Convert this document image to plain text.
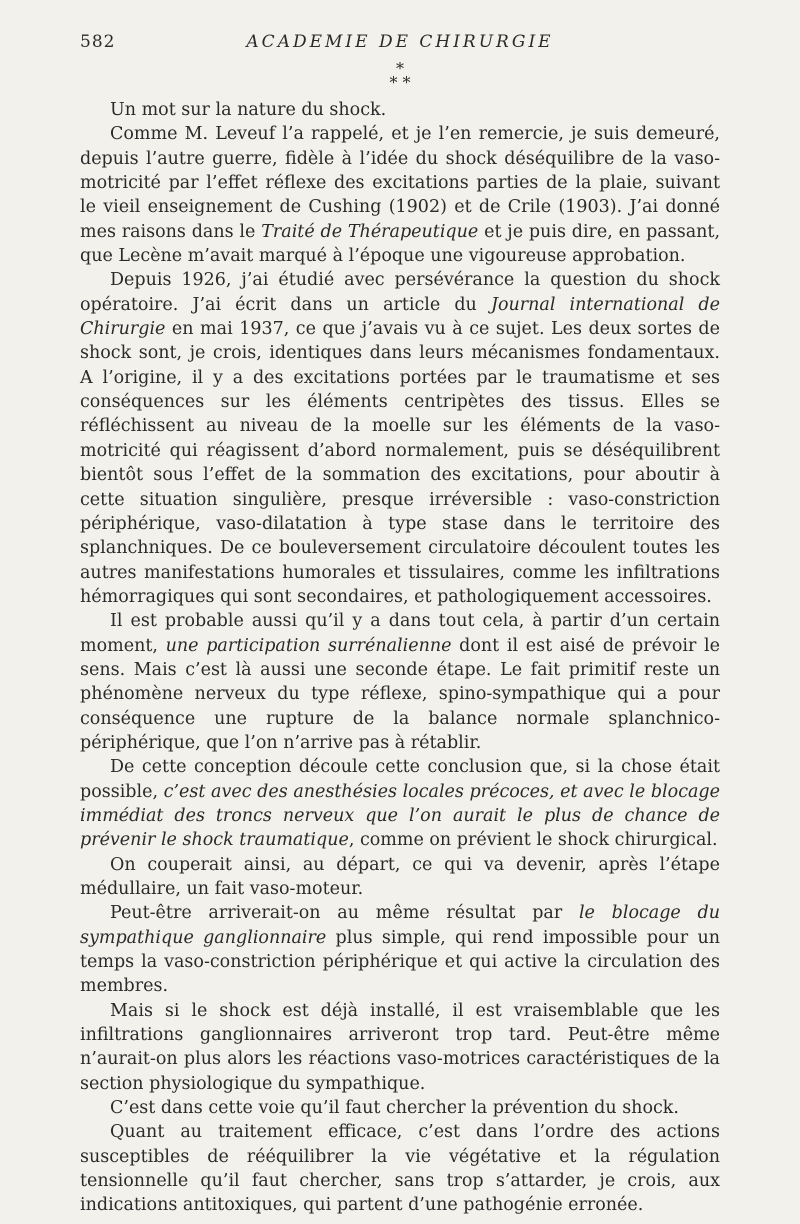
582	ACADEMIE DE CHIRURGIE
*
* *

Un mot sur la nature du shock.

Comme M. Leveuf l’a rappelé, et je l’en remercie, je suis demeuré, depuis l’autre guerre, fidèle à l’idée du shock déséquilibre de la vaso-motricité par l’effet réflexe des excitations parties de la plaie, suivant le vieil enseignement de Cushing (1902) et de Crile (1903). J’ai donné mes raisons dans le Traité de Thérapeutique et je puis dire, en passant, que Lecène m’avait marqué à l’époque une vigoureuse approbation.

Depuis 1926, j’ai étudié avec persévérance la question du shock opératoire. J’ai écrit dans un article du Journal international de Chirurgie en mai 1937, ce que j’avais vu à ce sujet. Les deux sortes de shock sont, je crois, identiques dans leurs mécanismes fondamentaux. A l’origine, il y a des excitations portées par le traumatisme et ses conséquences sur les éléments centripètes des tissus. Elles se réfléchissent au niveau de la moelle sur les éléments de la vaso-motricité qui réagissent d’abord normalement, puis se déséquilibrent bientôt sous l’effet de la sommation des excitations, pour aboutir à cette situation singulière, presque irréversible : vaso-constriction périphérique, vaso-dilatation à type stase dans le territoire des splanchniques. De ce bouleversement circulatoire découlent toutes les autres manifestations humorales et tissulaires, comme les infiltrations hémorragiques qui sont secondaires, et pathologiquement accessoires.

Il est probable aussi qu’il y a dans tout cela, à partir d’un certain moment, une participation surrénalienne dont il est aisé de prévoir le sens. Mais c’est là aussi une seconde étape. Le fait primitif reste un phénomène nerveux du type réflexe, spino-sympathique qui a pour conséquence une rupture de la balance normale splanchnico-périphérique, que l’on n’arrive pas à rétablir.

De cette conception découle cette conclusion que, si la chose était possible, c’est avec des anesthésies locales précoces, et avec le blocage immédiat des troncs nerveux que l’on aurait le plus de chance de prévenir le shock traumatique, comme on prévient le shock chirurgical.

On couperait ainsi, au départ, ce qui va devenir, après l’étape médullaire, un fait vaso-moteur.

Peut-être arriverait-on au même résultat par le blocage du sympathique ganglionnaire plus simple, qui rend impossible pour un temps la vaso-constriction périphérique et qui active la circulation des membres.

Mais si le shock est déjà installé, il est vraisemblable que les infiltrations ganglionnaires arriveront trop tard. Peut-être même n’aurait-on plus alors les réactions vaso-motrices caractéristiques de la section physiologique du sympathique.

C’est dans cette voie qu’il faut chercher la prévention du shock.

Quant au traitement efficace, c’est dans l’ordre des actions susceptibles de rééquilibrer la vie végétative et la régulation tensionnelle qu’il faut chercher, sans trop s’attarder, je crois, aux indications antitoxiques, qui partent d’une pathogénie erronée.
